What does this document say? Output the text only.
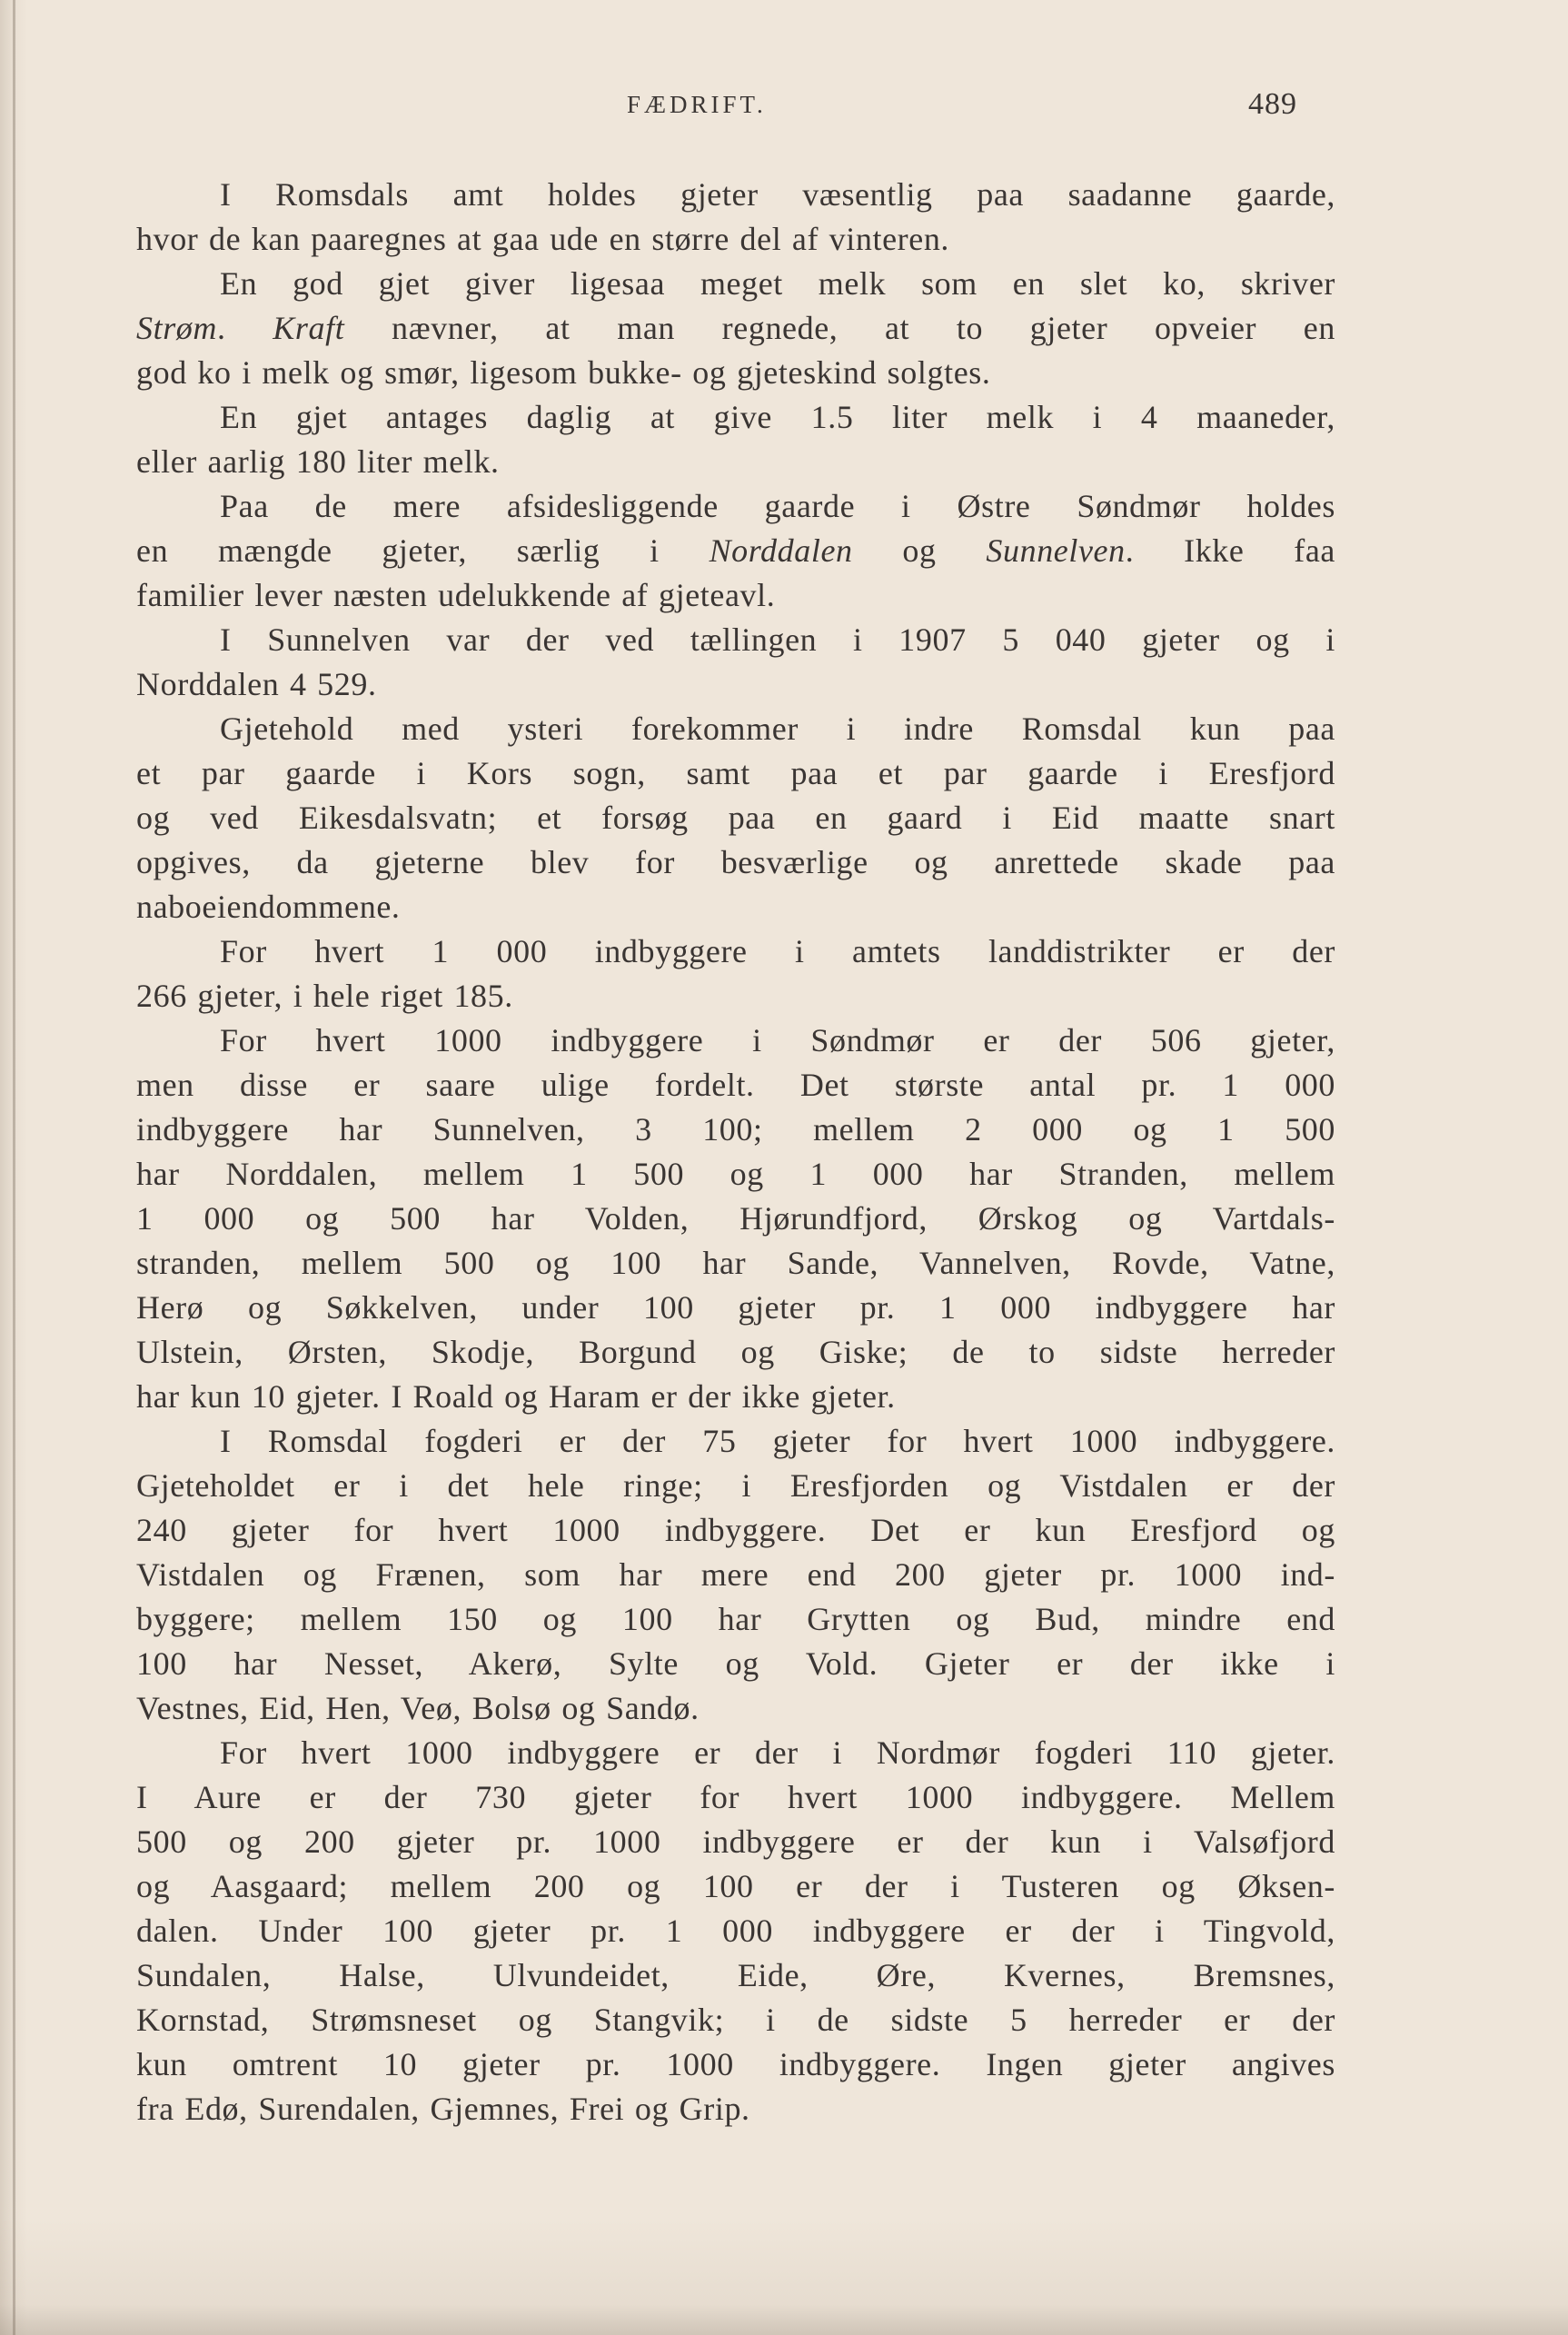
FÆDRIFT.	489

I Romsdals amt holdes gjeter væsentlig paa saadanne gaarde,
hvor de kan paaregnes at gaa ude en større del af vinteren.

En god gjet giver ligesaa meget melk som en slet ko, skriver
Strøm. Kraft nævner, at man regnede, at to gjeter opveier en
god ko i melk og smør, ligesom bukke- og gjeteskind solgtes.

En gjet antages daglig at give 1.5 liter melk i 4 maaneder,
eller aarlig 180 liter melk.

Paa de mere afsidesliggende gaarde i Østre Søndmør holdes
en mængde gjeter, særlig i Norddalen og Sunnelven. Ikke faa
familier lever næsten udelukkende af gjeteavl.

I Sunnelven var der ved tællingen i 1907 5 040 gjeter og i
Norddalen 4 529.

Gjetehold med ysteri forekommer i indre Romsdal kun paa
et par gaarde i Kors sogn, samt paa et par gaarde i Eresfjord
og ved Eikesdalsvatn; et forsøg paa en gaard i Eid maatte snart
opgives, da gjeterne blev for besværlige og anrettede skade paa
naboeiendommene.

For hvert 1 000 indbyggere i amtets landdistrikter er der
266 gjeter, i hele riget 185.

For hvert 1000 indbyggere i Søndmør er der 506 gjeter,
men disse er saare ulige fordelt. Det største antal pr. 1 000
indbyggere har Sunnelven, 3 100; mellem 2 000 og 1 500
har Norddalen, mellem 1 500 og 1 000 har Stranden, mellem
1 000 og 500 har Volden, Hjørundfjord, Ørskog og Vartdals-
stranden, mellem 500 og 100 har Sande, Vannelven, Rovde, Vatne,
Herø og Søkkelven, under 100 gjeter pr. 1 000 indbyggere har
Ulstein, Ørsten, Skodje, Borgund og Giske; de to sidste herreder
har kun 10 gjeter. I Roald og Haram er der ikke gjeter.

I Romsdal fogderi er der 75 gjeter for hvert 1000 indbyggere.
Gjeteholdet er i det hele ringe; i Eresfjorden og Vistdalen er der
240 gjeter for hvert 1000 indbyggere. Det er kun Eresfjord og
Vistdalen og Frænen, som har mere end 200 gjeter pr. 1000 ind-
byggere; mellem 150 og 100 har Grytten og Bud, mindre end
100 har Nesset, Akerø, Sylte og Vold. Gjeter er der ikke i
Vestnes, Eid, Hen, Veø, Bolsø og Sandø.

For hvert 1000 indbyggere er der i Nordmør fogderi 110 gjeter.
I Aure er der 730 gjeter for hvert 1000 indbyggere. Mellem
500 og 200 gjeter pr. 1000 indbyggere er der kun i Valsøfjord
og Aasgaard; mellem 200 og 100 er der i Tusteren og Øksen-
dalen. Under 100 gjeter pr. 1 000 indbyggere er der i Tingvold,
Sundalen, Halse, Ulvundeidet, Eide, Øre, Kvernes, Bremsnes,
Kornstad, Strømsneset og Stangvik; i de sidste 5 herreder er der
kun omtrent 10 gjeter pr. 1000 indbyggere. Ingen gjeter angives
fra Edø, Surendalen, Gjemnes, Frei og Grip.
